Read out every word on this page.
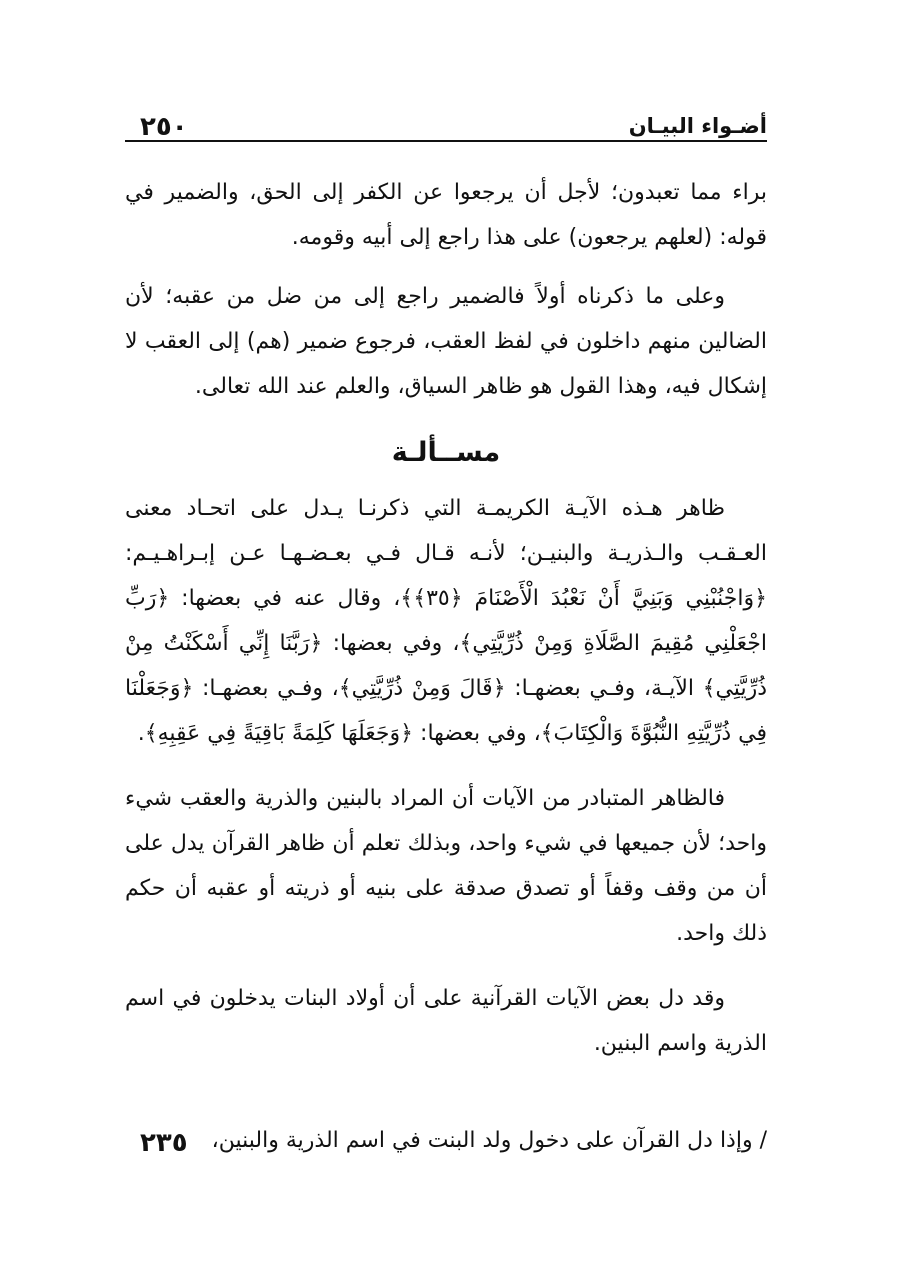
٢٥٠	أضـواء البيـان

براء مما تعبدون؛ لأجل أن يرجعوا عن الكفر إلى الحق، والضمير في قوله: (لعلهم يرجعون) على هذا راجع إلى أبيه وقومه.

وعلى ما ذكرناه أولاً فالضمير راجع إلى من ضل من عقبه؛ لأن الضالين منهم داخلون في لفظ العقب، فرجوع ضمير (هم) إلى العقب لا إشكال فيه، وهذا القول هو ظاهر السياق، والعلم عند الله تعالى.

مســألـة

ظاهر هـذه الآيـة الكريمـة التي ذكرنـا يـدل على اتحـاد معنى العـقـب والـذريـة والبنيـن؛ لأنـه قـال فـي بعـضـهـا عـن إبـراهـيـم: ﴿وَاجْنُبْنِي وَبَنِيَّ أَنْ نَعْبُدَ الْأَصْنَامَ ﴿٣٥﴾﴾، وقال عنه في بعضها: ﴿رَبِّ اجْعَلْنِي مُقِيمَ الصَّلَاةِ وَمِنْ ذُرِّيَّتِي﴾، وفي بعضها: ﴿رَبَّنَا إِنِّي أَسْكَنْتُ مِنْ ذُرِّيَّتِي﴾ الآيـة، وفـي بعضهـا: ﴿قَالَ وَمِنْ ذُرِّيَّتِي﴾، وفـي بعضهـا: ﴿وَجَعَلْنَا فِي ذُرِّيَّتِهِ النُّبُوَّةَ وَالْكِتَابَ﴾، وفي بعضها: ﴿وَجَعَلَهَا كَلِمَةً بَاقِيَةً فِي عَقِبِهِ﴾.

فالظاهر المتبادر من الآيات أن المراد بالبنين والذرية والعقب شيء واحد؛ لأن جميعها في شيء واحد، وبذلك تعلم أن ظاهر القرآن يدل على أن من وقف وقفاً أو تصدق صدقة على بنيه أو ذريته أو عقبه أن حكم ذلك واحد.

وقد دل بعض الآيات القرآنية على أن أولاد البنات يدخلون في اسم الذرية واسم البنين.

٢٣٥ / وإذا دل القرآن على دخول ولد البنت في اسم الذرية والبنين،
